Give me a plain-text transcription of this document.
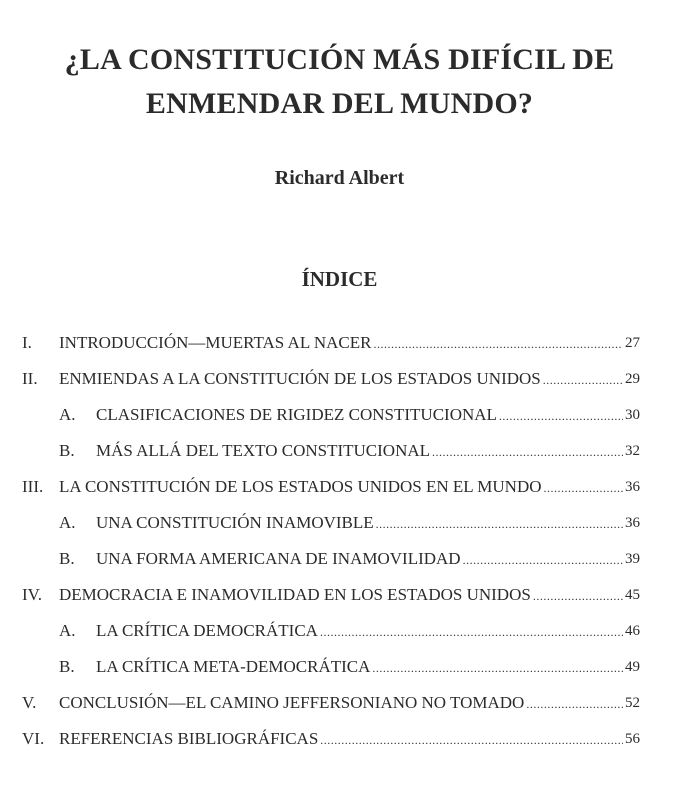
¿LA CONSTITUCIÓN MÁS DIFÍCIL DE
ENMENDAR DEL MUNDO?
Richard Albert
ÍNDICE
I.	INTRODUCCIÓN—MUERTAS AL NACER .....	27
II.	ENMIENDAS A LA CONSTITUCIÓN DE LOS ESTADOS UNIDOS .....	29
A.	CLASIFICACIONES DE RIGIDEZ CONSTITUCIONAL .....	30
B.	MÁS ALLÁ DEL TEXTO CONSTITUCIONAL .....	32
III. LA CONSTITUCIÓN DE LOS ESTADOS UNIDOS EN EL MUNDO .....	36
A.	UNA CONSTITUCIÓN INAMOVIBLE .....	36
B.	UNA FORMA AMERICANA DE INAMOVILIDAD .....	39
IV.	DEMOCRACIA E INAMOVILIDAD EN LOS ESTADOS UNIDOS .....	45
A.	LA CRÍTICA DEMOCRÁTICA .....	46
B.	LA CRÍTICA META-DEMOCRÁTICA .....	49
V.	CONCLUSIÓN—EL CAMINO JEFFERSONIANO NO TOMADO .....	52
VI. REFERENCIAS BIBLIOGRÁFICAS .....	56
